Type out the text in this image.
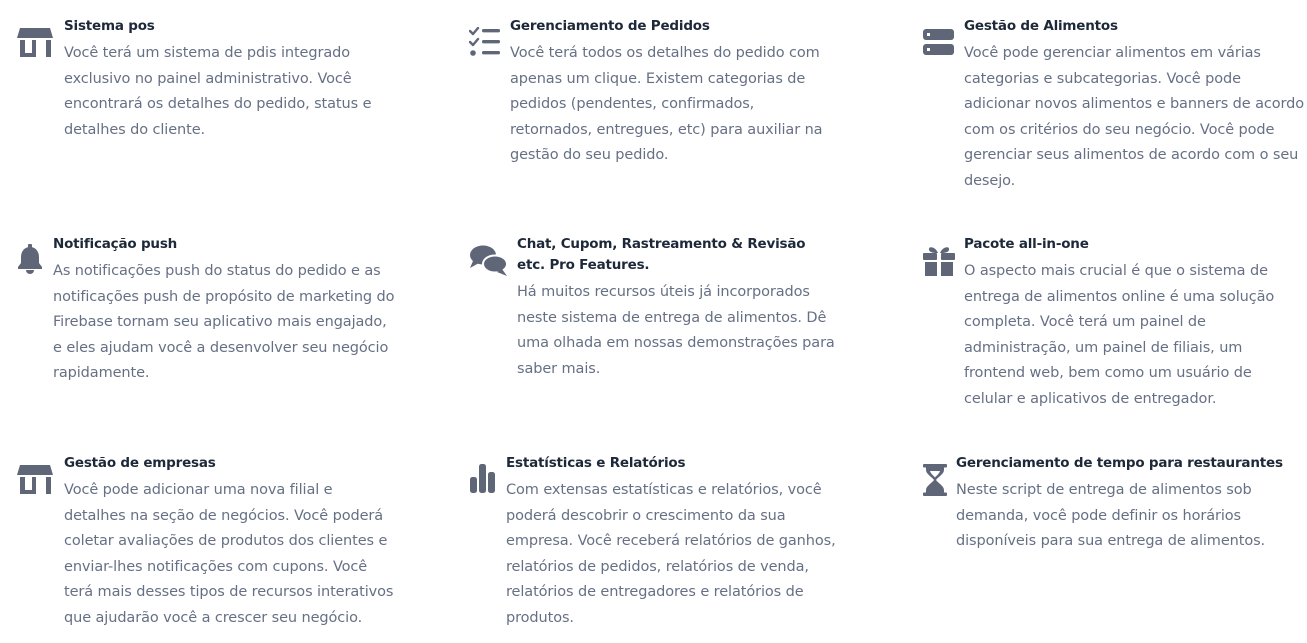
Sistema pos

Você terá um sistema de pdis integrado exclusivo no painel administrativo. Você encontrará os detalhes do pedido, status e detalhes do cliente.

Gerenciamento de Pedidos

Você terá todos os detalhes do pedido com apenas um clique. Existem categorias de pedidos (pendentes, confirmados, retornados, entregues, etc) para auxiliar na gestão do seu pedido.

Gestão de Alimentos

Você pode gerenciar alimentos em várias categorias e subcategorias. Você pode adicionar novos alimentos e banners de acordo com os critérios do seu negócio. Você pode gerenciar seus alimentos de acordo com o seu desejo.

Notificação push

As notificações push do status do pedido e as notificações push de propósito de marketing do Firebase tornam seu aplicativo mais engajado, e eles ajudam você a desenvolver seu negócio rapidamente.

Chat, Cupom, Rastreamento & Revisão etc. Pro Features.

Há muitos recursos úteis já incorporados neste sistema de entrega de alimentos. Dê uma olhada em nossas demonstrações para saber mais.

Pacote all-in-one

O aspecto mais crucial é que o sistema de entrega de alimentos online é uma solução completa. Você terá um painel de administração, um painel de filiais, um frontend web, bem como um usuário de celular e aplicativos de entregador.

Gestão de empresas

Você pode adicionar uma nova filial e detalhes na seção de negócios. Você poderá coletar avaliações de produtos dos clientes e enviar-lhes notificações com cupons. Você terá mais desses tipos de recursos interativos que ajudarão você a crescer seu negócio.

Estatísticas e Relatórios

Com extensas estatísticas e relatórios, você poderá descobrir o crescimento da sua empresa. Você receberá relatórios de ganhos, relatórios de pedidos, relatórios de venda, relatórios de entregadores e relatórios de produtos.

Gerenciamento de tempo para restaurantes

Neste script de entrega de alimentos sob demanda, você pode definir os horários disponíveis para sua entrega de alimentos.
